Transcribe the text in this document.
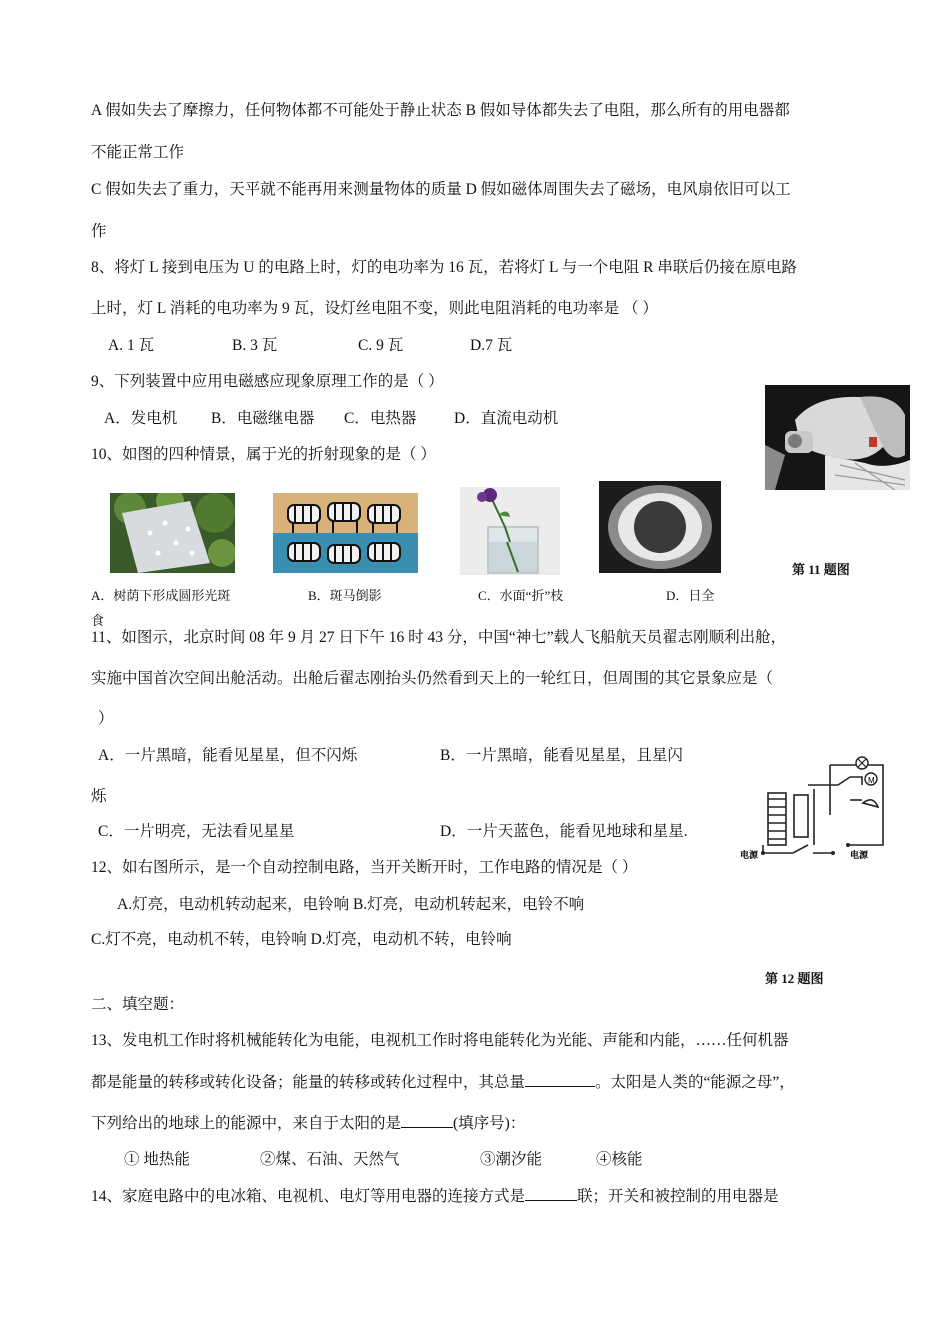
A 假如失去了摩擦力，任何物体都不可能处于静止状态 B 假如导体都失去了电阻，那么所有的用电器都
不能正常工作
C 假如失去了重力，天平就不能再用来测量物体的质量 D 假如磁体周围失去了磁场，电风扇依旧可以工
作
8、将灯 L 接到电压为 U 的电路上时，灯的电功率为 16 瓦，若将灯 L 与一个电阻 R 串联后仍接在原电路
上时，灯 L 消耗的电功率为 9 瓦，设灯丝电阻不变，则此电阻消耗的电功率是 （ ）
A. 1 瓦	B. 3 瓦	C. 9 瓦	D.7 瓦
9、下列装置中应用电磁感应现象原理工作的是（ ）
A．发电机 B．电磁继电器 C．电热器 D．直流电动机
10、如图的四种情景，属于光的折射现象的是（ ）
第 11 题图
A．树荫下形成圆形光斑	B．斑马倒影	C．水面“折”枝	D．日全
食
11、如图示，北京时间 08 年 9 月 27 日下午 16 时 43 分，中国“神七”载人飞船航天员翟志刚顺利出舱，
实施中国首次空间出舱活动。出舱后翟志刚抬头仍然看到天上的一轮红日，但周围的其它景象应是（
）
A．一片黑暗，能看见星星，但不闪烁	B．一片黑暗，能看见星星，且星闪
烁
C．一片明亮，无法看见星星	D．一片天蓝色，能看见地球和星星.
M
电源	电源
12、如右图所示，是一个自动控制电路，当开关断开时，工作电路的情况是（ ）
A.灯亮，电动机转动起来，电铃响 B.灯亮，电动机转起来，电铃不响
C.灯不亮，电动机不转，电铃响 D.灯亮，电动机不转，电铃响
第 12 题图
二、填空题：
13、发电机工作时将机械能转化为电能，电视机工作时将电能转化为光能、声能和内能，……任何机器
都是能量的转移或转化设备；能量的转移或转化过程中，其总量	。太阳是人类的“能源之母”，
下列给出的地球上的能源中，来自于太阳的是	(填序号)：
① 地热能	②煤、石油、天然气	③潮汐能	④核能
14、家庭电路中的电冰箱、电视机、电灯等用电器的连接方式是	联；开关和被控制的用电器是
